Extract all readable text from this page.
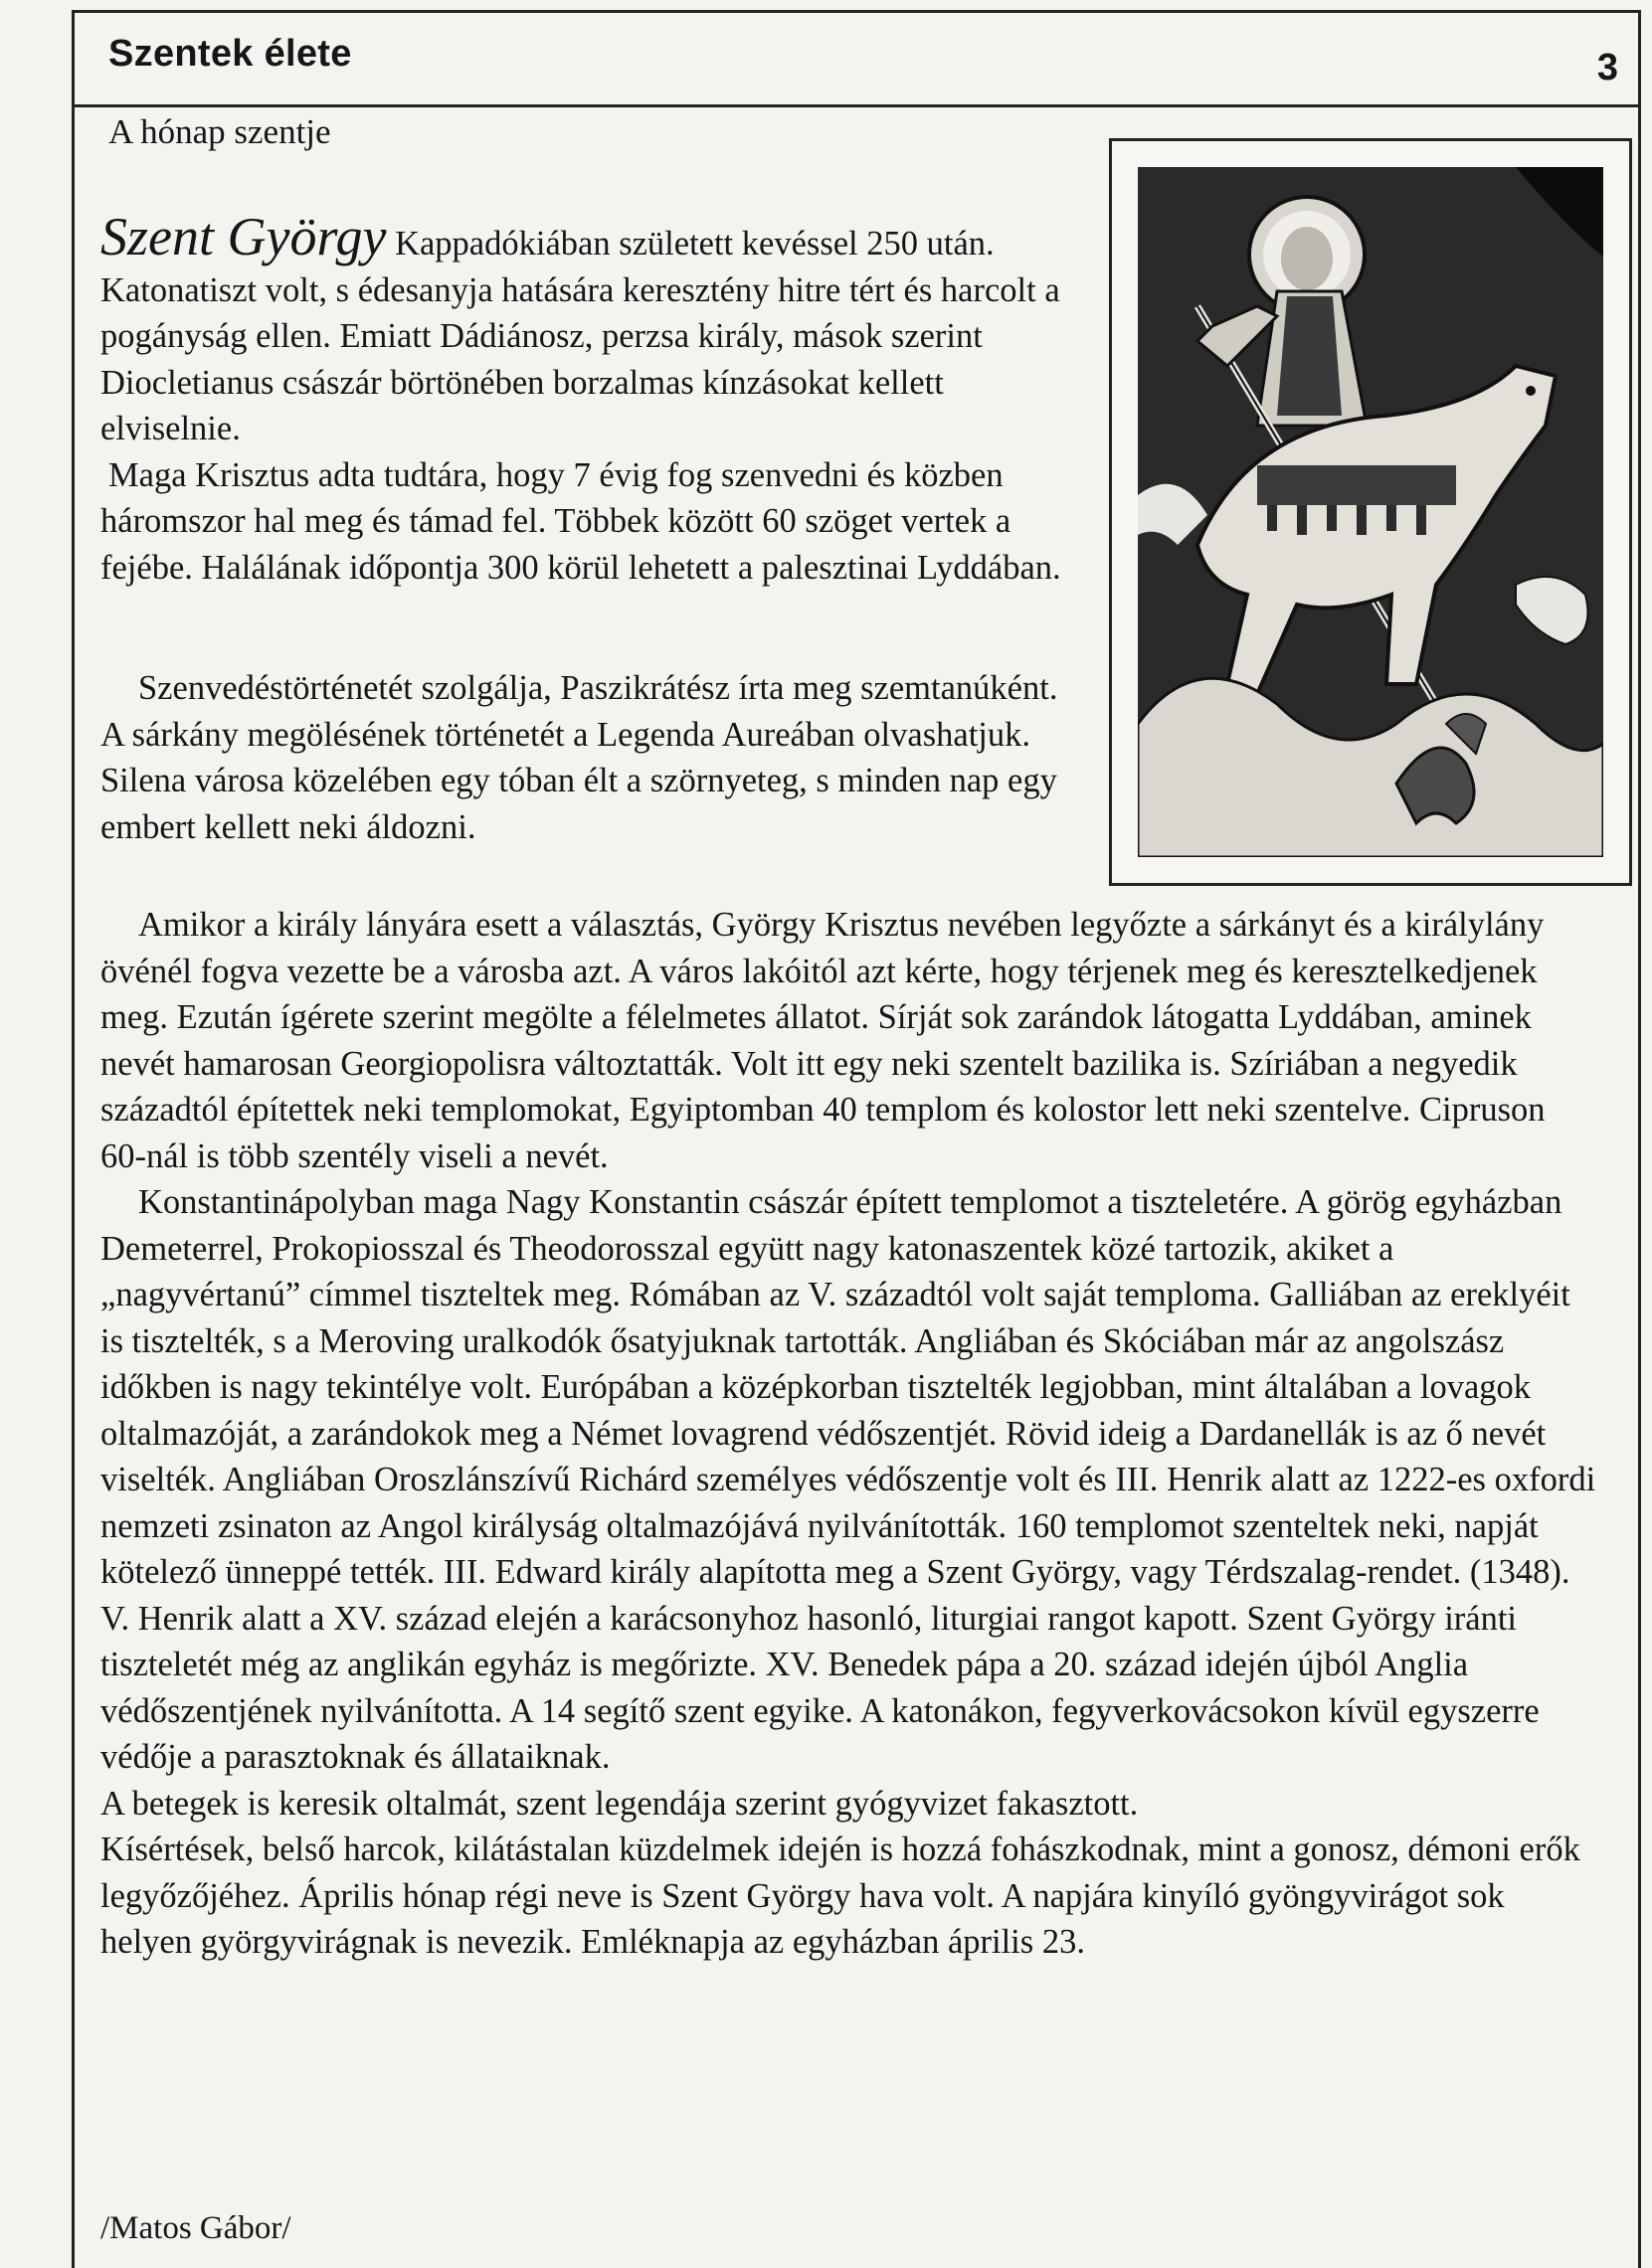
Szentek élete	3
A hónap szentje

Szent György Kappadókiában született kevéssel 250 után. Katonatiszt volt, s édesanyja hatására keresztény hitre tért és harcolt a pogányság ellen. Emiatt Dádiánosz, perzsa király, mások szerint Diocletianus császár börtönében borzalmas kínzásokat kellett elviselnie.

Maga Krisztus adta tudtára, hogy 7 évig fog szenvedni és közben háromszor hal meg és támad fel. Többek között 60 szöget vertek a fejébe. Halálának időpontja 300 körül lehetett a palesztinai Lyddában.

Szenvedéstörténetét szolgálja, Paszikrátész írta meg szemtanúként. A sárkány megölésének történetét a Legenda Aureában olvashatjuk. Silena városa közelében egy tóban élt a szörnyeteg, s minden nap egy embert kellett neki áldozni.

Amikor a király lányára esett a választás, György Krisztus nevében legyőzte a sárkányt és a királylány övénél fogva vezette be a városba azt. A város lakóitól azt kérte, hogy térjenek meg és keresztelkedjenek meg. Ezután ígérete szerint megölte a félelmetes állatot. Sírját sok zarándok látogatta Lyddában, aminek nevét hamarosan Georgiopolisra változtatták. Volt itt egy neki szentelt bazilika is. Szíriában a negyedik századtól építettek neki templomokat, Egyiptomban 40 templom és kolostor lett neki szentelve. Cipruson 60-nál is több szentély viseli a nevét.

Konstantinápolyban maga Nagy Konstantin császár épített templomot a tiszteletére. A görög egyházban Demeterrel, Prokopiosszal és Theodorosszal együtt nagy katonaszentek közé tartozik, akiket a „nagyvértanú” címmel tiszteltek meg. Rómában az V. századtól volt saját temploma. Galliában az ereklyéit is tisztelték, s a Meroving uralkodók ősatyjuknak tartották. Angliában és Skóciában már az angolszász időkben is nagy tekintélye volt. Európában a középkorban tisztelték legjobban, mint általában a lovagok oltalmazóját, a zarándokok meg a Német lovagrend védőszentjét. Rövid ideig a Dardanellák is az ő nevét viselték. Angliában Oroszlánszívű Richárd személyes védőszentje volt és III. Henrik alatt az 1222-es oxfordi nemzeti zsinaton az Angol királyság oltalmazójává nyilvánították. 160 templomot szenteltek neki, napját kötelező ünneppé tették. III. Edward király alapította meg a Szent György, vagy Térdszalag-rendet. (1348). V. Henrik alatt a XV. század elején a karácsonyhoz hasonló, liturgiai rangot kapott. Szent György iránti tiszteletét még az anglikán egyház is megőrizte. XV. Benedek pápa a 20. század idején újból Anglia védőszentjének nyilvánította. A 14 segítő szent egyike. A katonákon, fegyverkovácsokon kívül egyszerre védője a parasztoknak és állataiknak.

A betegek is keresik oltalmát, szent legendája szerint gyógyvizet fakasztott.

Kísértések, belső harcok, kilátástalan küzdelmek idején is hozzá fohászkodnak, mint a gonosz, démoni erők legyőzőjéhez. Április hónap régi neve is Szent György hava volt. A napjára kinyíló gyöngyvirágot sok helyen györgyvirágnak is nevezik. Emléknapja az egyházban április 23.

/Matos Gábor/
